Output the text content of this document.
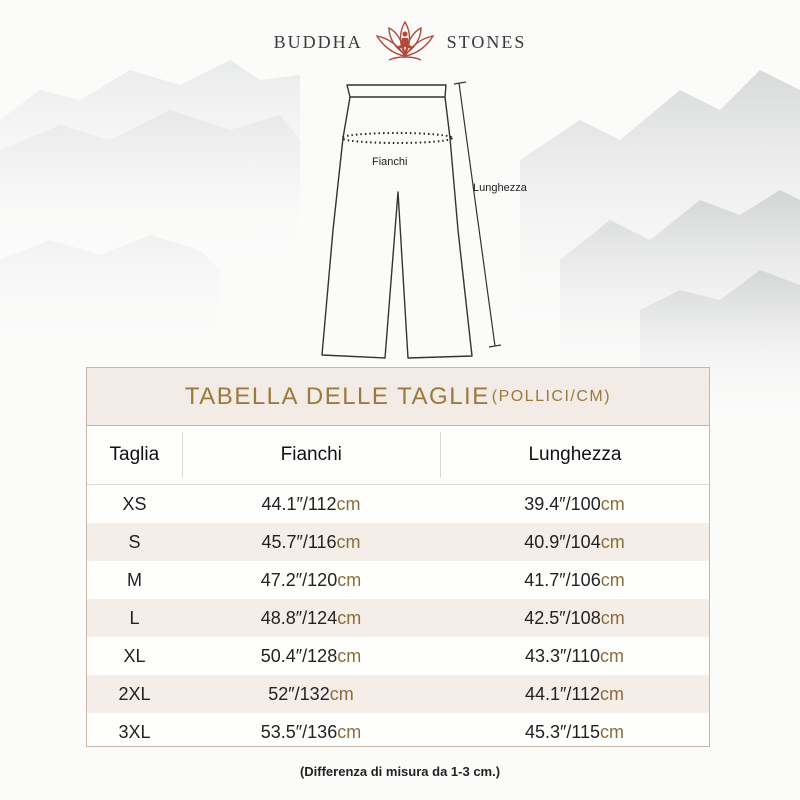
BUDDHA	STONES
Fianchi
Lunghezza
TABELLA DELLE TAGLIE (POLLICI/CM)
Taglia	Fianchi	Lunghezza
XS	44.1″/112cm	39.4″/100cm
S	45.7″/116cm	40.9″/104cm
M	47.2″/120cm	41.7″/106cm
L	48.8″/124cm	42.5″/108cm
XL	50.4″/128cm	43.3″/110cm
2XL	52″/132cm	44.1″/112cm
3XL	53.5″/136cm	45.3″/115cm
(Differenza di misura da 1-3 cm.)
